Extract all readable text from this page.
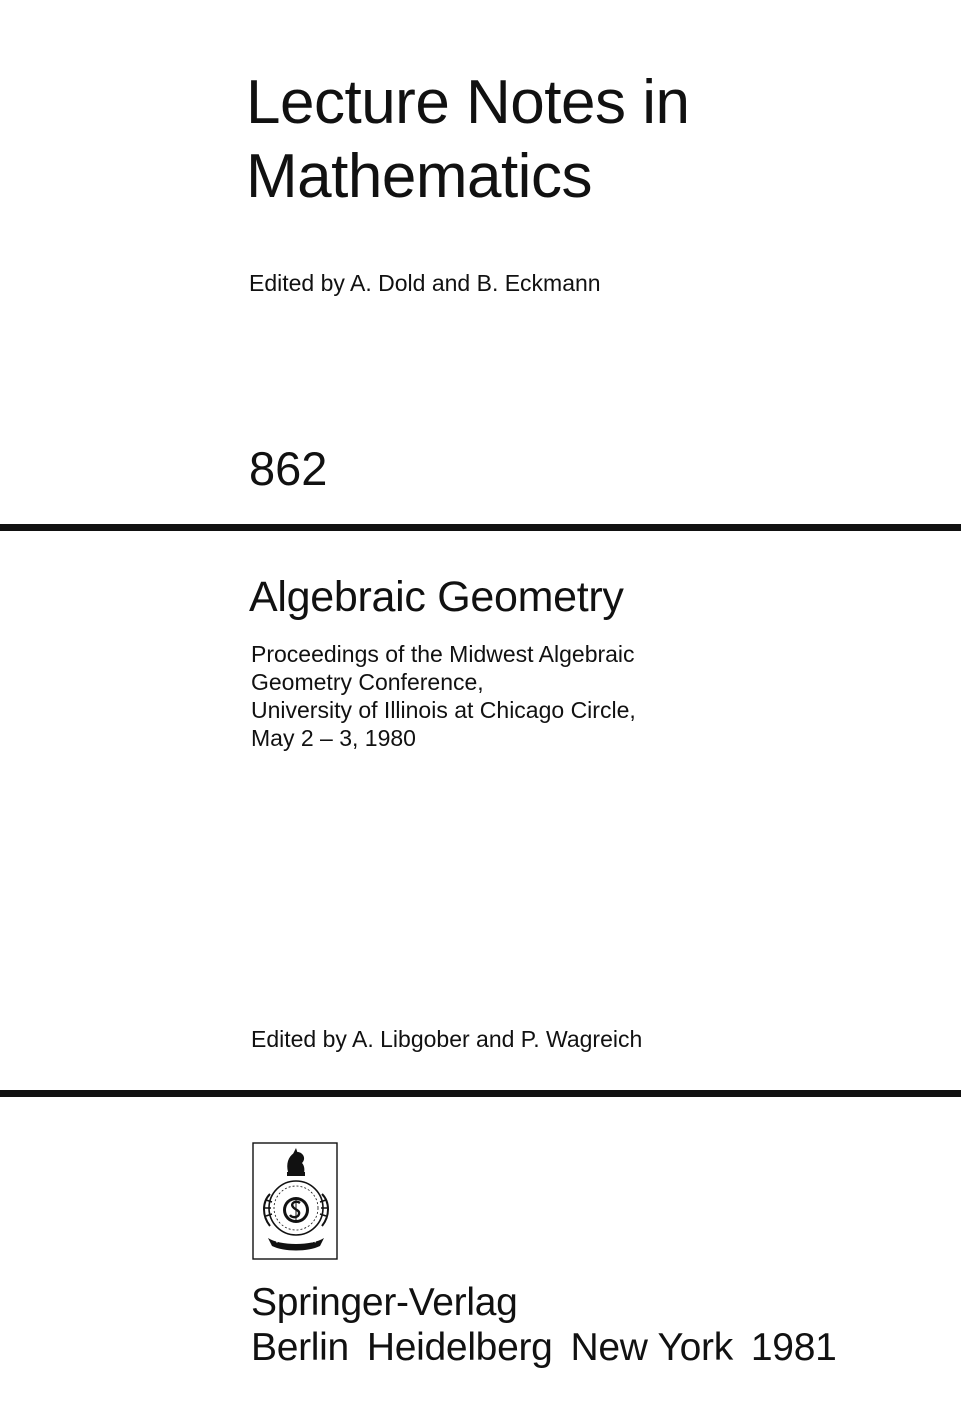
Lecture Notes in
Mathematics
Edited by A. Dold and B. Eckmann
862
Algebraic Geometry
Proceedings of the Midwest Algebraic
Geometry Conference,
University of Illinois at Chicago Circle,
May 2 – 3, 1980
Edited by A. Libgober and P. Wagreich
Springer-Verlag
Berlin Heidelberg New York 1981
